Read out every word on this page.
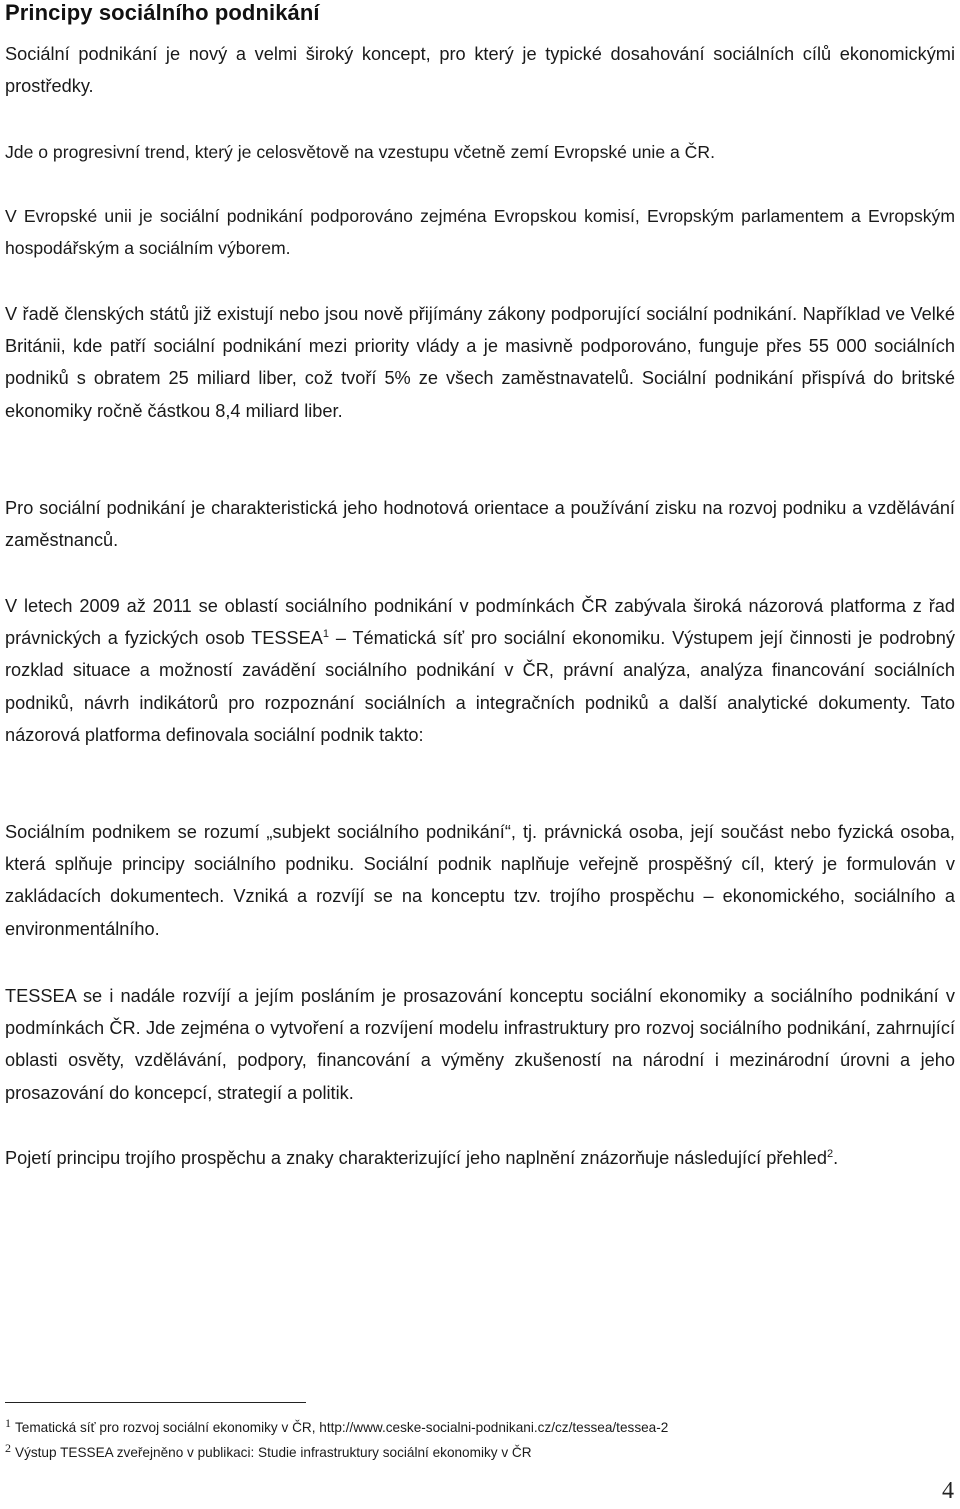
Principy sociálního podnikání

Sociální podnikání je nový a velmi široký koncept, pro který je typické dosahování sociálních cílů ekonomickými prostředky.

Jde o progresivní trend, který je celosvětově na vzestupu včetně zemí Evropské unie a ČR.

V Evropské unii je sociální podnikání podporováno zejména Evropskou komisí, Evropským parlamentem a Evropským hospodářským a sociálním výborem.

V řadě členských států již existují nebo jsou nově přijímány zákony podporující sociální podnikání. Například ve Velké Británii, kde patří sociální podnikání mezi priority vlády a je masivně podporováno, funguje přes 55 000 sociálních podniků s obratem 25 miliard liber, což tvoří 5% ze všech zaměstnavatelů. Sociální podnikání přispívá do britské ekonomiky ročně částkou 8,4 miliard liber.

Pro sociální podnikání je charakteristická jeho hodnotová orientace a používání zisku na rozvoj podniku a vzdělávání zaměstnanců.

V letech 2009 až 2011 se oblastí sociálního podnikání v podmínkách ČR zabývala široká názorová platforma z řad právnických a fyzických osob TESSEA$^1$ – Tématická síť pro sociální ekonomiku. Výstupem její činnosti je podrobný rozklad situace a možností zavádění sociálního podnikání v ČR, právní analýza, analýza financování sociálních podniků, návrh indikátorů pro rozpoznání sociálních a integračních podniků a další analytické dokumenty. Tato názorová platforma definovala sociální podnik takto:

Sociálním podnikem se rozumí „subjekt sociálního podnikání“, tj. právnická osoba, její součást nebo fyzická osoba, která splňuje principy sociálního podniku. Sociální podnik naplňuje veřejně prospěšný cíl, který je formulován v zakládacích dokumentech. Vzniká a rozvíjí se na konceptu tzv. trojího prospěchu – ekonomického, sociálního a environmentálního.

TESSEA se i nadále rozvíjí a jejím posláním je prosazování konceptu sociální ekonomiky a sociálního podnikání v podmínkách ČR. Jde zejména o vytvoření a rozvíjení modelu infrastruktury pro rozvoj sociálního podnikání, zahrnující oblasti osvěty, vzdělávání, podpory, financování a výměny zkušeností na národní i mezinárodní úrovni a jeho prosazování do koncepcí, strategií a politik.

Pojetí principu trojího prospěchu a znaky charakterizující jeho naplnění znázorňuje následující přehled$^2$.

1 Tematická síť pro rozvoj sociální ekonomiky v ČR, http://www.ceske-socialni-podnikani.cz/cz/tessea/tessea-2

2 Výstup TESSEA zveřejněno v publikaci: Studie infrastruktury sociální ekonomiky v ČR

4
